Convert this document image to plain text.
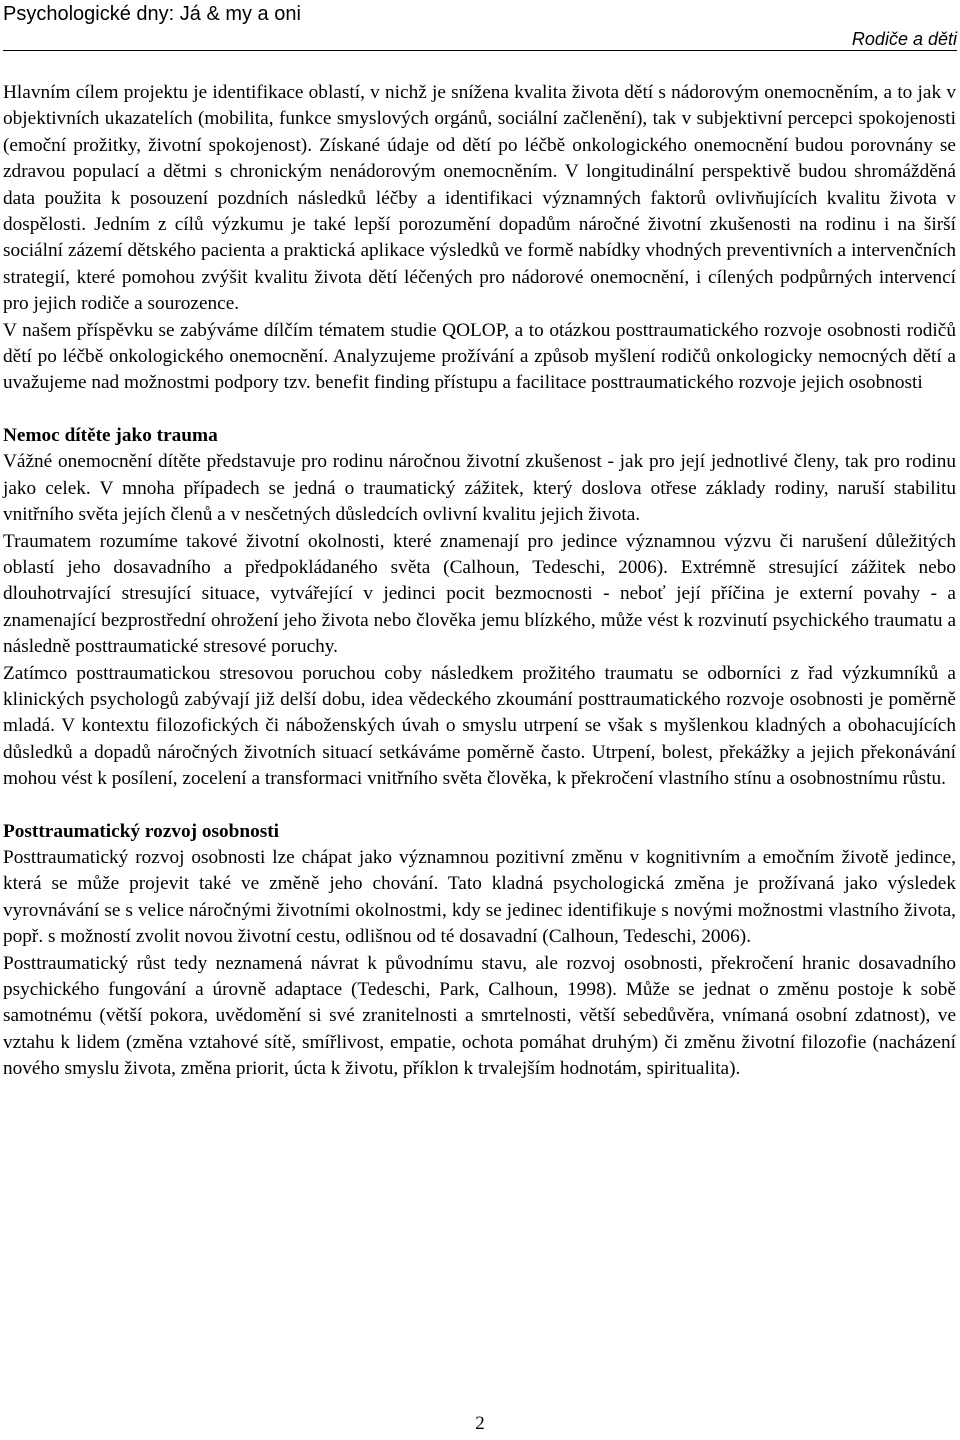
Psychologické dny: Já & my a oni
Rodiče a děti

Hlavním cílem projektu je identifikace oblastí, v nichž je snížena kvalita života dětí s nádorovým onemocněním, a to jak v objektivních ukazatelích (mobilita, funkce smyslových orgánů, sociální začlenění), tak v subjektivní percepci spokojenosti (emoční prožitky, životní spokojenost). Získané údaje od dětí po léčbě onkologického onemocnění budou porovnány se zdravou populací a dětmi s chronickým nenádorovým onemocněním. V longitudinální perspektivě budou shromážděná data použita k posouzení pozdních následků léčby a identifikaci významných faktorů ovlivňujících kvalitu života v dospělosti. Jedním z cílů výzkumu je také lepší porozumění dopadům náročné životní zkušenosti na rodinu i na širší sociální zázemí dětského pacienta a praktická aplikace výsledků ve formě nabídky vhodných preventivních a intervenčních strategií, které pomohou zvýšit kvalitu života dětí léčených pro nádorové onemocnění, i cílených podpůrných intervencí pro jejich rodiče a sourozence.

V našem příspěvku se zabýváme dílčím tématem studie QOLOP, a to otázkou posttraumatického rozvoje osobnosti rodičů dětí po léčbě onkologického onemocnění. Analyzujeme prožívání a způsob myšlení rodičů onkologicky nemocných dětí a uvažujeme nad možnostmi podpory tzv. benefit finding přístupu a facilitace posttraumatického rozvoje jejich osobnosti

Nemoc dítěte jako trauma

Vážné onemocnění dítěte představuje pro rodinu náročnou životní zkušenost - jak pro její jednotlivé členy, tak pro rodinu jako celek. V mnoha případech se jedná o traumatický zážitek, který doslova otřese základy rodiny, naruší stabilitu vnitřního světa jejích členů a v nesčetných důsledcích ovlivní kvalitu jejich života.

Traumatem rozumíme takové životní okolnosti, které znamenají pro jedince významnou výzvu či narušení důležitých oblastí jeho dosavadního a předpokládaného světa (Calhoun, Tedeschi, 2006). Extrémně stresující zážitek nebo dlouhotrvající stresující situace, vytvářející v jedinci pocit bezmocnosti - neboť její příčina je externí povahy - a znamenající bezprostřední ohrožení jeho života nebo člověka jemu blízkého, může vést k rozvinutí psychického traumatu a následně posttraumatické stresové poruchy.

Zatímco posttraumatickou stresovou poruchou coby následkem prožitého traumatu se odborníci z řad výzkumníků a klinických psychologů zabývají již delší dobu, idea vědeckého zkoumání posttraumatického rozvoje osobnosti je poměrně mladá. V kontextu filozofických či náboženských úvah o smyslu utrpení se však s myšlenkou kladných a obohacujících důsledků a dopadů náročných životních situací setkáváme poměrně často. Utrpení, bolest, překážky a jejich překonávání mohou vést k posílení, zocelení a transformaci vnitřního světa člověka, k překročení vlastního stínu a osobnostnímu růstu.

Posttraumatický rozvoj osobnosti

Posttraumatický rozvoj osobnosti lze chápat jako významnou pozitivní změnu v kognitivním a emočním životě jedince, která se může projevit také ve změně jeho chování. Tato kladná psychologická změna je prožívaná jako výsledek vyrovnávání se s velice náročnými životními okolnostmi, kdy se jedinec identifikuje s novými možnostmi vlastního života, popř. s možností zvolit novou životní cestu, odlišnou od té dosavadní (Calhoun, Tedeschi, 2006).

Posttraumatický růst tedy neznamená návrat k původnímu stavu, ale rozvoj osobnosti, překročení hranic dosavadního psychického fungování a úrovně adaptace (Tedeschi, Park, Calhoun, 1998). Může se jednat o změnu postoje k sobě samotnému (větší pokora, uvědomění si své zranitelnosti a smrtelnosti, větší sebedůvěra, vnímaná osobní zdatnost), ve vztahu k lidem (změna vztahové sítě, smířlivost, empatie, ochota pomáhat druhým) či změnu životní filozofie (nacházení nového smyslu života, změna priorit, úcta k životu, příklon k trvalejším hodnotám, spiritualita).

2
